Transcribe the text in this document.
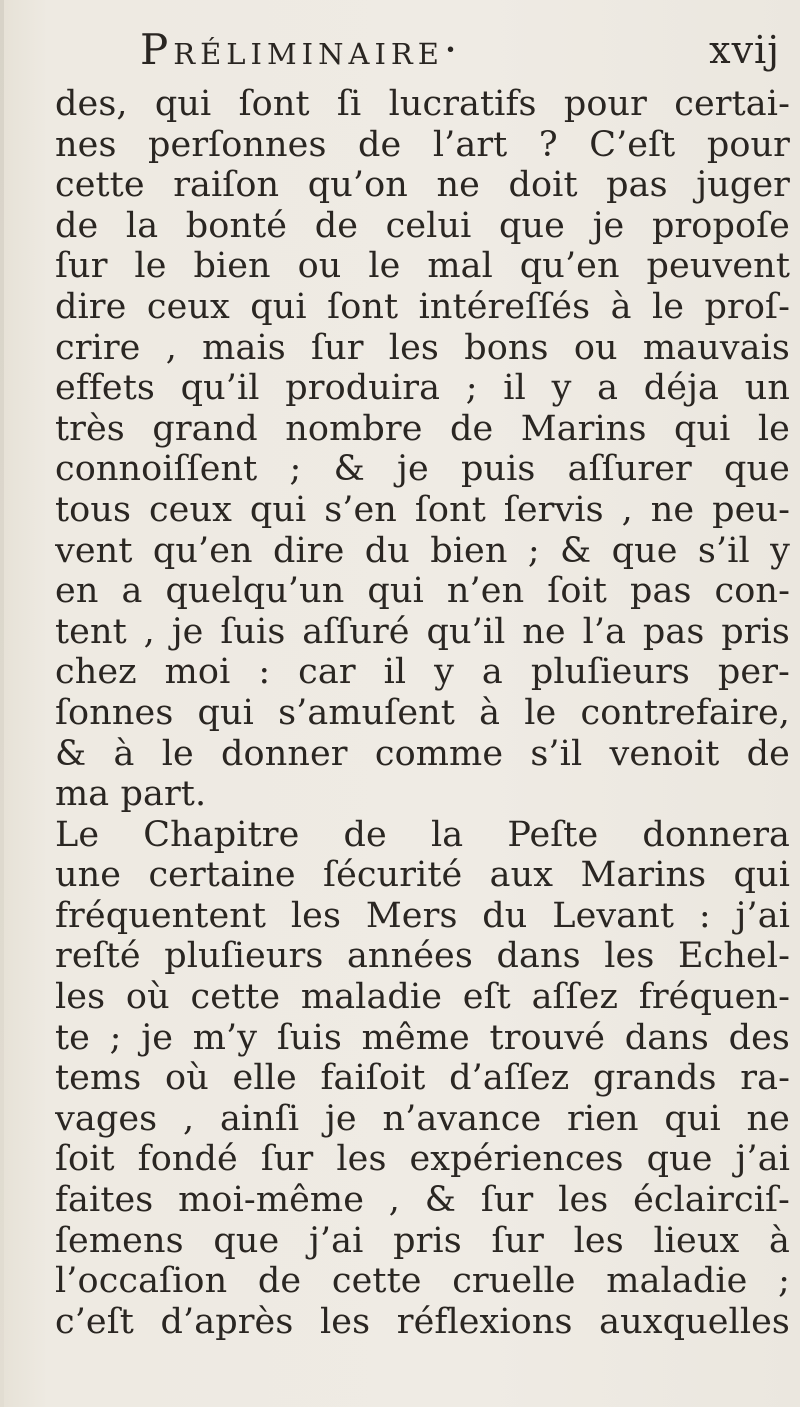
Préliminaire·	xvij
des, qui ſont ſi lucratifs pour certai-
nes perſonnes de l’art ? C’eſt pour
cette raiſon qu’on ne doit pas juger
de la bonté de celui que je propoſe
ſur le bien ou le mal qu’en peuvent
dire ceux qui ſont intéreſſés à le proſ-
crire , mais ſur les bons ou mauvais
effets qu’il produira ; il y a déja un
très grand nombre de Marins qui le
connoiſſent ; & je puis aſſurer que
tous ceux qui s’en ſont ſervis , ne peu-
vent qu’en dire du bien ; & que s’il y
en a quelqu’un qui n’en ſoit pas con-
tent , je ſuis aſſuré qu’il ne l’a pas pris
chez moi : car il y a pluſieurs per-
ſonnes qui s’amuſent à le contrefaire,
& à le donner comme s’il venoit de
ma part.
Le Chapitre de la Peſte donnera
une certaine ſécurité aux Marins qui
fréquentent les Mers du Levant : j’ai
reſté pluſieurs années dans les Echel-
les où cette maladie eſt aſſez fréquen-
te ; je m’y ſuis même trouvé dans des
tems où elle faiſoit d’aſſez grands ra-
vages , ainſi je n’avance rien qui ne
ſoit fondé ſur les expériences que j’ai
faites moi-même , & ſur les éclairciſ-
ſemens que j’ai pris ſur les lieux à
l’occaſion de cette cruelle maladie ;
c’eſt d’après les réflexions auxquelles
